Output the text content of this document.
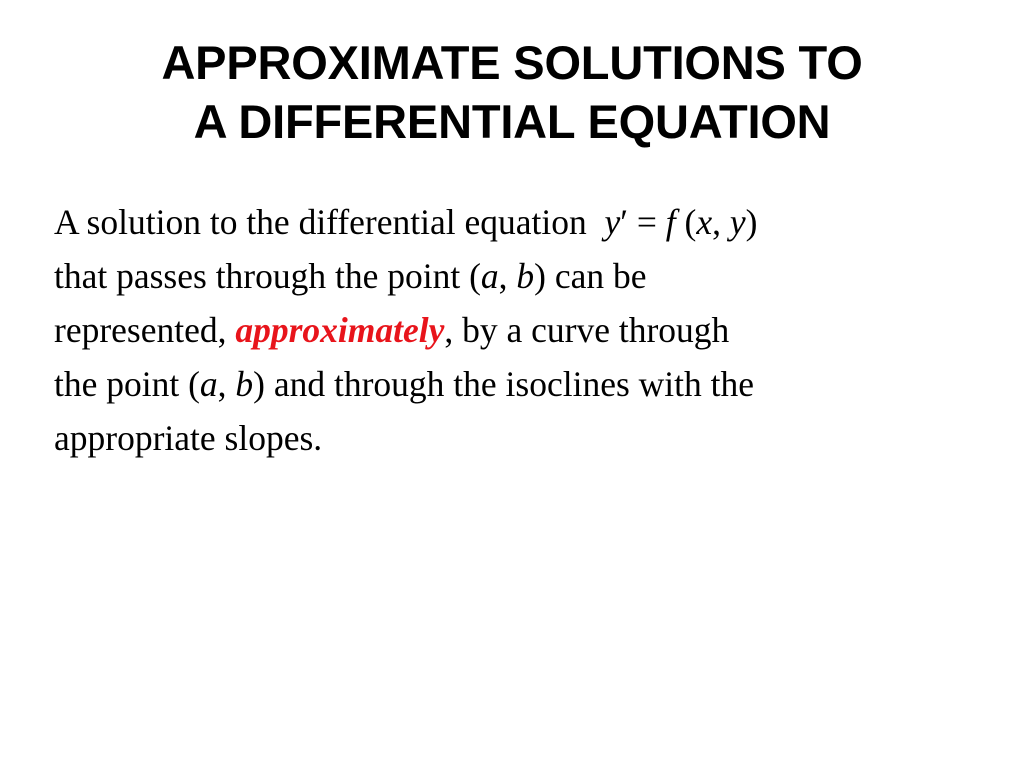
APPROXIMATE SOLUTIONS TO
A DIFFERENTIAL EQUATION

A solution to the differential equation y′ = f (x, y)
that passes through the point (a, b) can be
represented, approximately, by a curve through
the point (a, b) and through the isoclines with the
appropriate slopes.
